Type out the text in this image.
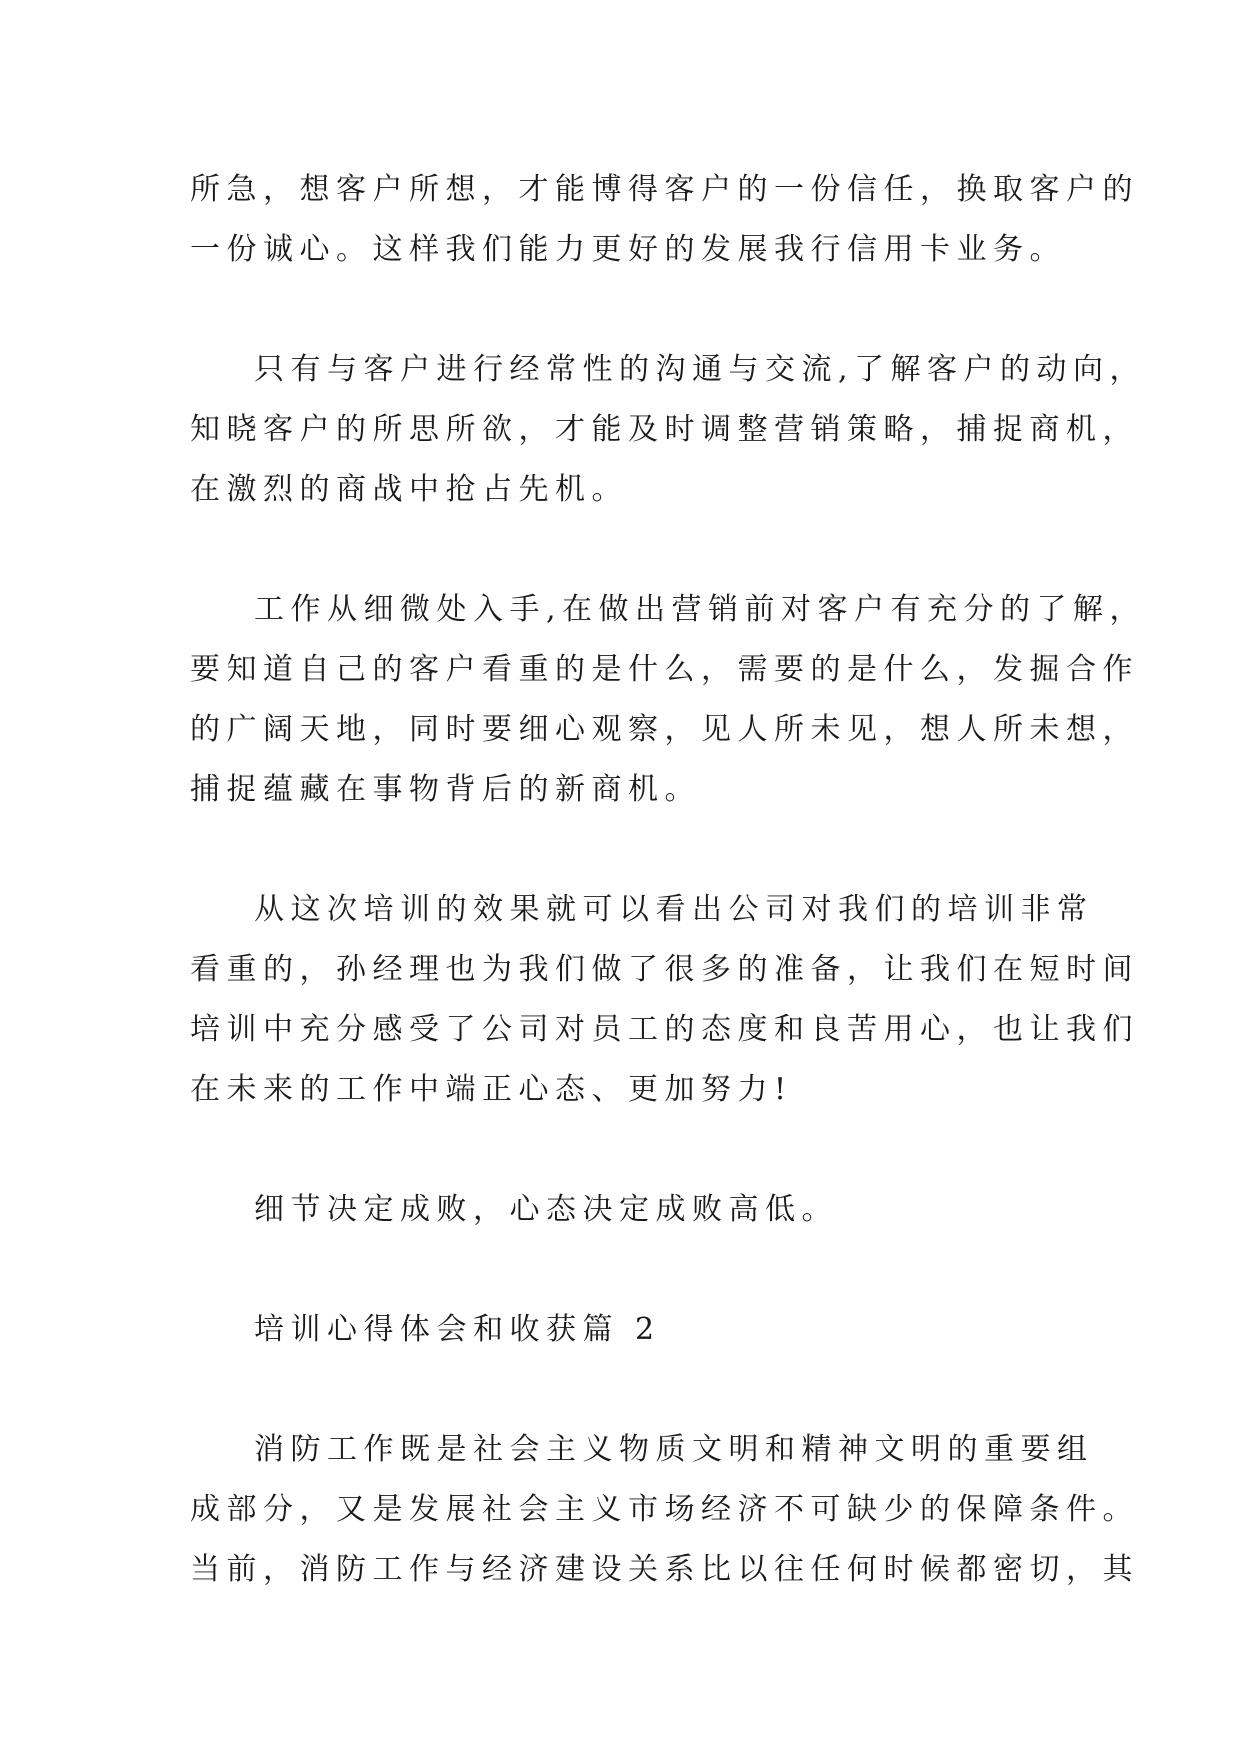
所急，想客户所想，才能博得客户的一份信任，换取客户的
一份诚心。这样我们能力更好的发展我行信用卡业务。
只有与客户进行经常性的沟通与交流,了解客户的动向，
知晓客户的所思所欲，才能及时调整营销策略，捕捉商机，
在激烈的商战中抢占先机。
工作从细微处入手,在做出营销前对客户有充分的了解，
要知道自己的客户看重的是什么，需要的是什么，发掘合作
的广阔天地，同时要细心观察，见人所未见，想人所未想，
捕捉蕴藏在事物背后的新商机。
从这次培训的效果就可以看出公司对我们的培训非常
看重的，孙经理也为我们做了很多的准备，让我们在短时间
培训中充分感受了公司对员工的态度和良苦用心，也让我们
在未来的工作中端正心态、更加努力!
细节决定成败，心态决定成败高低。
培训心得体会和收获篇 2
消防工作既是社会主义物质文明和精神文明的重要组
成部分，又是发展社会主义市场经济不可缺少的保障条件。
当前，消防工作与经济建设关系比以往任何时候都密切，其
